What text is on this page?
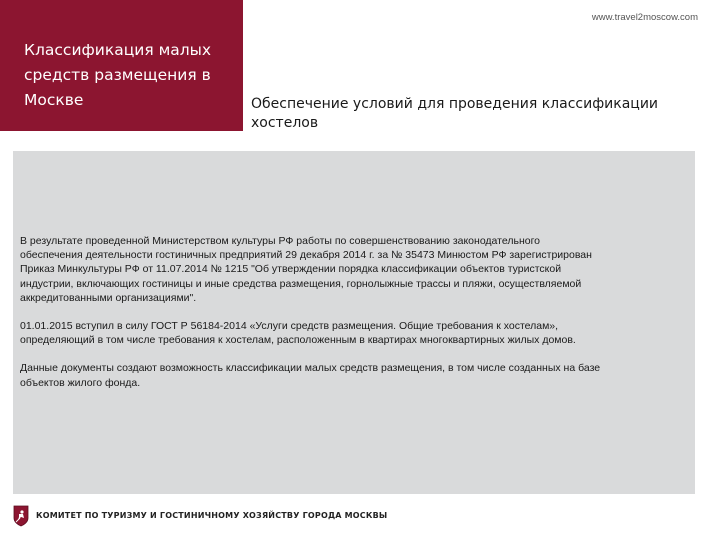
Классификация малых
средств размещения в
Москве
www.travel2moscow.com
Обеспечение условий для проведения классификации
хостелов

В результате проведенной Министерством культуры РФ работы по совершенствованию законодательного
обеспечения деятельности гостиничных предприятий 29 декабря 2014 г. за № 35473 Минюстом РФ зарегистрирован
Приказ Минкультуры РФ от 11.07.2014 № 1215 "Об утверждении порядка классификации объектов туристской
индустрии, включающих гостиницы и иные средства размещения, горнолыжные трассы и пляжи, осуществляемой
аккредитованными организациями".

01.01.2015 вступил в силу ГОСТ Р 56184-2014 «Услуги средств размещения. Общие требования к хостелам»,
определяющий в том числе требования к хостелам, расположенным в квартирах многоквартирных жилых домов.

Данные документы создают возможность классификации малых средств размещения, в том числе созданных на базе
объектов жилого фонда.

КОМИТЕТ ПО ТУРИЗМУ И ГОСТИНИЧНОМУ ХОЗЯЙСТВУ ГОРОДА МОСКВЫ
